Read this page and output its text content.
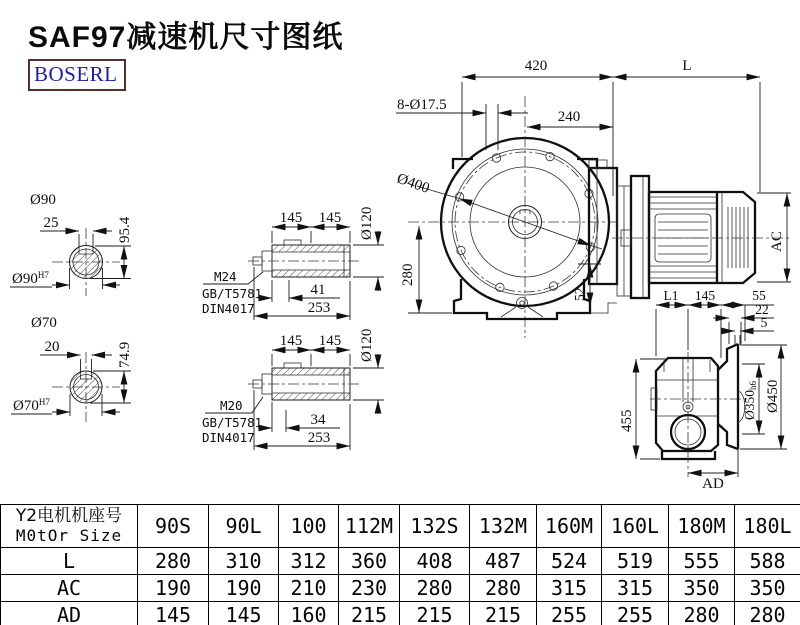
SAF97减速机尺寸图纸
BOSERL
Ø90
25	95.4
$Ø90^{H7}$
Ø70
20	74.9
$Ø70^{H7}$
145 145 Ø120
M24
GB/T5781
DIN4017
41
253
145 145 Ø120
M20
GB/T5781
DIN4017
34
253
Ø400
420	L
240
8-Ø17.5
280
52
AC
L1 145	55
22
5
455
Ø350h6 Ø450
AD
Y2电机机座号
M0tOr Size	90S	90L	100	112M	132S	132M	160M	160L	180M	180L
L	280	310	312	360	408	487	524	519	555	588
AC	190	190	210	230	280	280	315	315	350	350
AD	145	145	160	215	215	215	255	255	280	280
